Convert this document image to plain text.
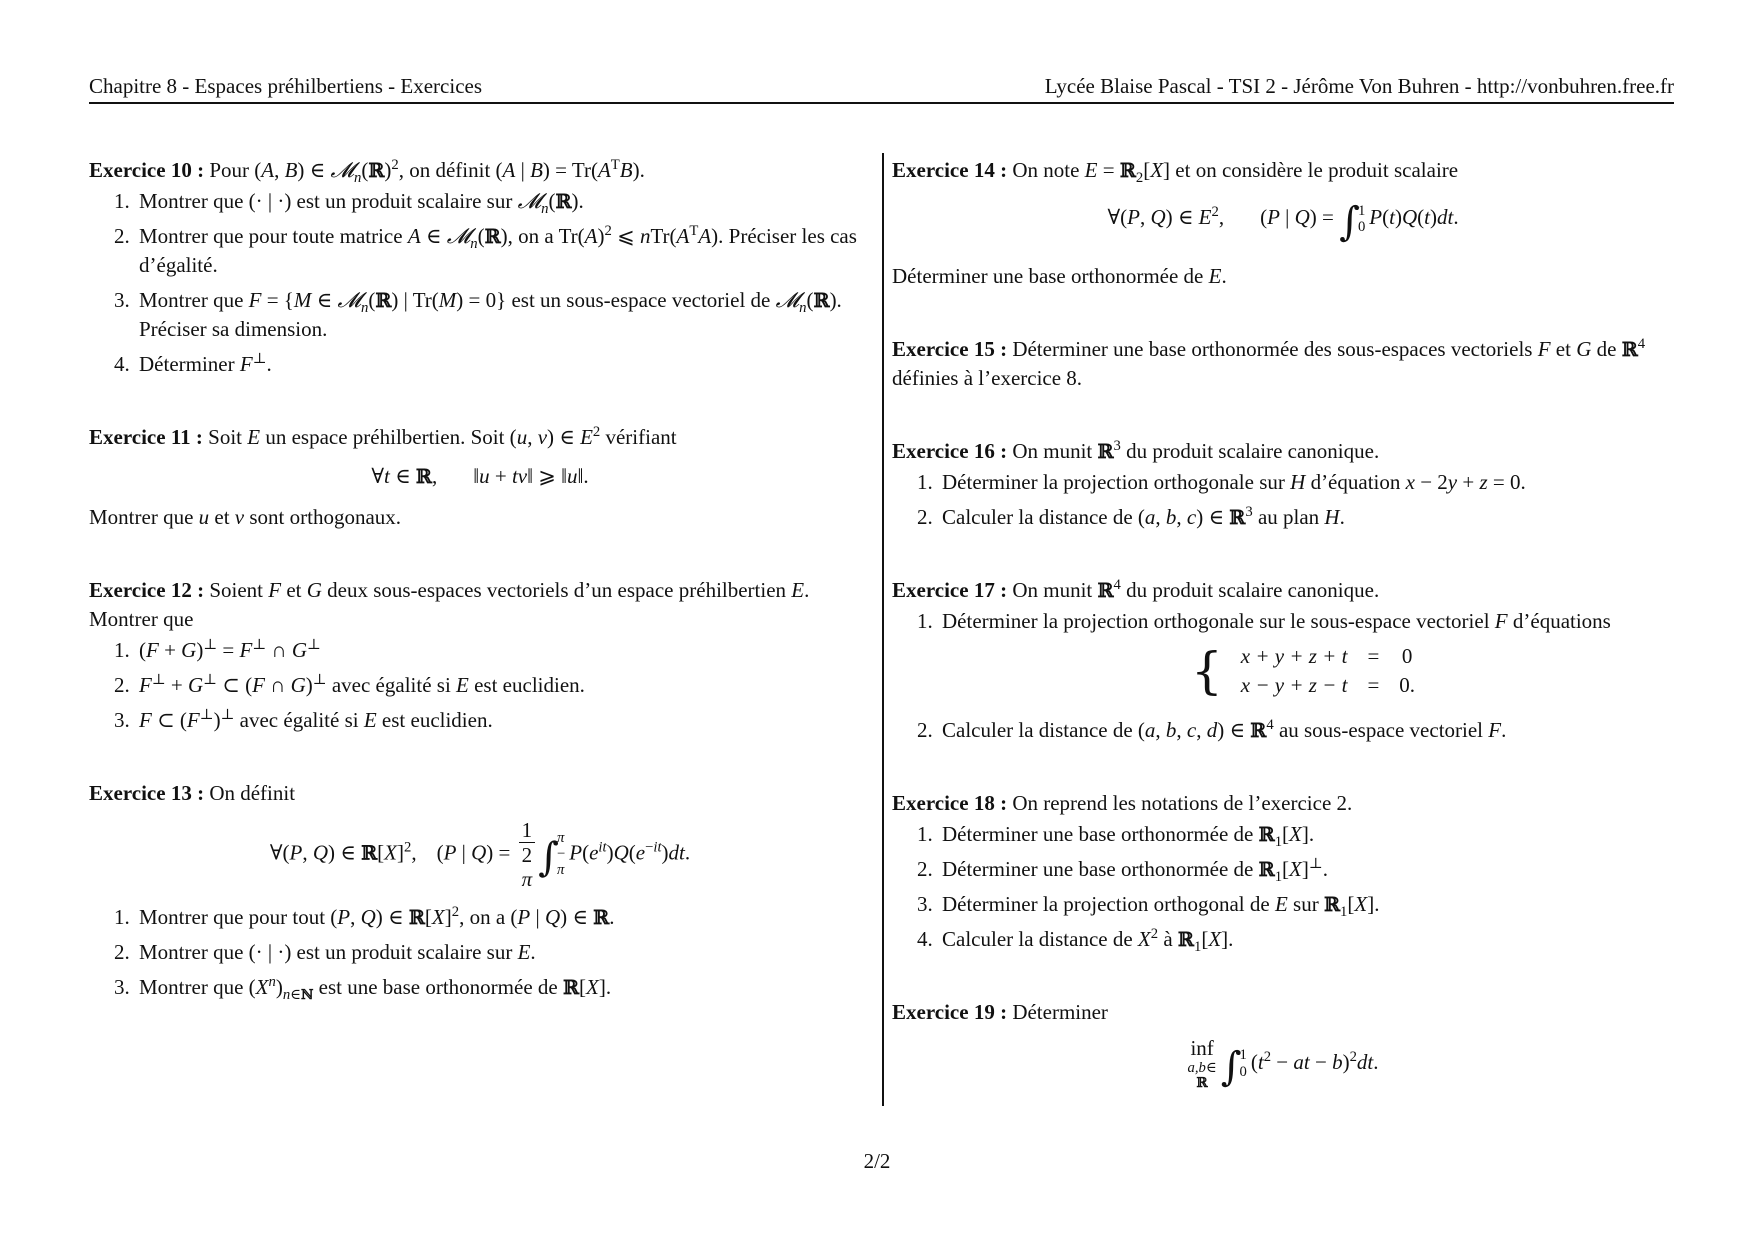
Chapitre 8 - Espaces préhilbertiens - Exercices	Lycée Blaise Pascal - TSI 2 - Jérôme Von Buhren - http://vonbuhren.free.fr

Exercice 10 : Pour (A, B) ∈ 𝓜$_n$(ℝ)$^2$, on définit (A | $B) = Tr(A^TB)$.

1. Montrer que (· | ·) est un produit scalaire sur 𝓜$_n$(ℝ).
2. Montrer que pour toute matrice A ∈ 𝓜$_n$(ℝ), on a $Tr(A)^2$ ⩽ $nTr(A^TA)$. Préciser les cas d’égalité.
3. Montrer que F = {M ∈ 𝓜$_n$(ℝ) | Tr(M) = 0} est un sous-espace vectoriel de 𝓜$_n$(ℝ). Préciser sa dimension.
4. Déterminer F⊥.

Exercice 11 : Soit E un espace préhilbertien. Soit (u, v) ∈ $E^2$ vérifiant

∀t ∈ ℝ, ‖u + tv‖ ⩾ ‖u‖.

Montrer que u et v sont orthogonaux.

Exercice 12 : Soient F et G deux sous-espaces vectoriels d’un espace préhilbertien E. Montrer que

1. (F + G)⊥ = F⊥ ∩ G⊥
2. F⊥ + G⊥ ⊂ (F ∩ G)⊥ avec égalité si E est euclidien.
3. F ⊂ (F⊥)⊥ avec égalité si E est euclidien.

Exercice 13 : On définit

∀(P, Q) ∈ $ℝ[X]^2$, (P | Q) = 1
2
π ∫
π
−
π
$P(e^{it})Q(e^{-it})dt$.
1. Montrer que pour tout (P, Q) ∈ $ℝ[X]^2$, on a (P | Q) ∈ ℝ.
2. Montrer que (· | ·) est un produit scalaire sur E.
3. Montrer que $(X^n)_{n\in ℕ}$ est une base orthonormée de ℝ[X].

Exercice 14 : On note E = ℝ$_2$[X] et on considère le produit scalaire

∀(P, Q) ∈ $E^2$, (P | Q) = ∫
1
0 P(t)Q(t)dt.

Déterminer une base orthonormée de E.

Exercice 15 : Déterminer une base orthonormée des sous-espaces vectoriels F et G de ℝ$^4$ définies à l’exercice 8.

Exercice 16 : On munit ℝ$^3$ du produit scalaire canonique.

1. Déterminer la projection orthogonale sur H d’équation x − 2y + z = 0.
2. Calculer la distance de (a, b, c) ∈ ℝ$^3$ au plan H.

Exercice 17 : On munit ℝ$^4$ du produit scalaire canonique.

1. Déterminer la projection orthogonale sur le sous-espace vectoriel F d’équations
{ x + y + z + t	=	0
x − y + z − t	=	0.
2. Calculer la distance de (a, b, c, d) ∈ ℝ$^4$ au sous-espace vectoriel F.

Exercice 18 : On reprend les notations de l’exercice 2.

1. Déterminer une base orthonormée de ℝ$_1$[X].
2. Déterminer une base orthonormée de ℝ$_1$[X]⊥.
3. Déterminer la projection orthogonal de E sur ℝ$_1$[X].
4. Calculer la distance de $X^2$ à ℝ$_1$[X].

Exercice 19 : Déterminer

inf
a,b∈
ℝ ∫
1
0 ($t^2$ − at − b)$^2$dt.
2/2
